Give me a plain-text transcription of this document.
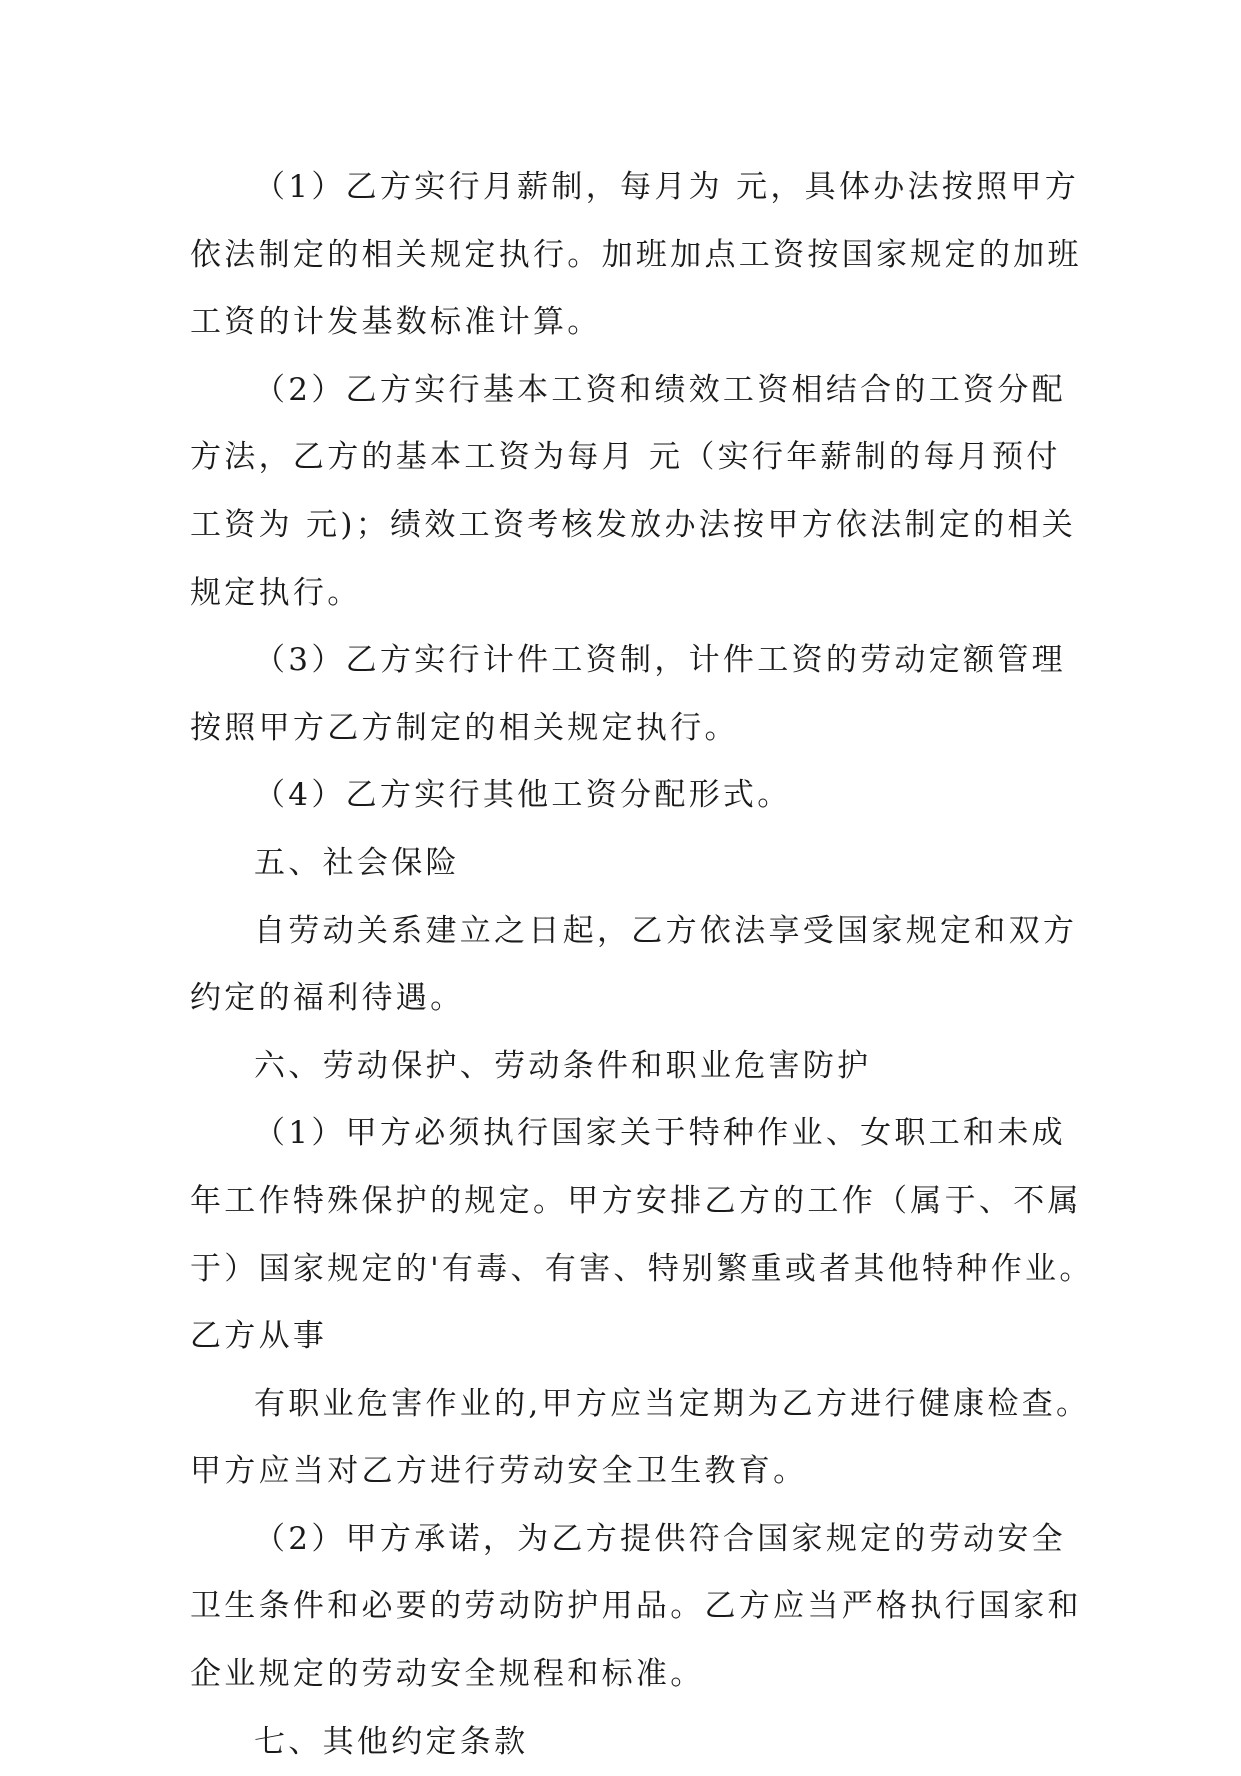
（1）乙方实行月薪制，每月为 元，具体办法按照甲方
依法制定的相关规定执行。加班加点工资按国家规定的加班
工资的计发基数标准计算。
（2）乙方实行基本工资和绩效工资相结合的工资分配
方法，乙方的基本工资为每月 元（实行年薪制的每月预付
工资为 元)；绩效工资考核发放办法按甲方依法制定的相关
规定执行。
（3）乙方实行计件工资制，计件工资的劳动定额管理
按照甲方乙方制定的相关规定执行。
（4）乙方实行其他工资分配形式。
五、社会保险
自劳动关系建立之日起，乙方依法享受国家规定和双方
约定的福利待遇。
六、劳动保护、劳动条件和职业危害防护
（1）甲方必须执行国家关于特种作业、女职工和未成
年工作特殊保护的规定。甲方安排乙方的工作（属于、不属
于）国家规定的'有毒、有害、特别繁重或者其他特种作业。
乙方从事
有职业危害作业的,甲方应当定期为乙方进行健康检查。
甲方应当对乙方进行劳动安全卫生教育。
（2）甲方承诺，为乙方提供符合国家规定的劳动安全
卫生条件和必要的劳动防护用品。乙方应当严格执行国家和
企业规定的劳动安全规程和标准。
七、其他约定条款
